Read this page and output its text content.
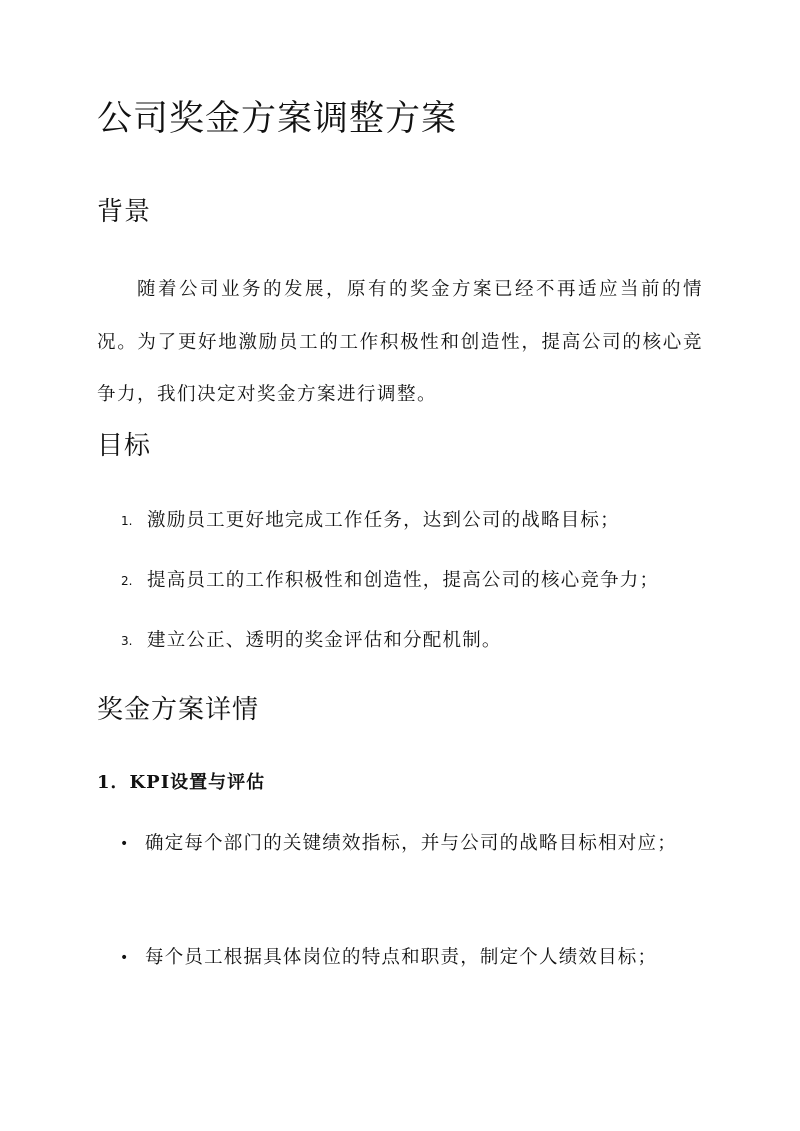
公司奖金方案调整方案
背景

随着公司业务的发展，原有的奖金方案已经不再适应当前的情况。为了更好地激励员工的工作积极性和创造性，提高公司的核心竞争力，我们决定对奖金方案进行调整。

目标
1. 激励员工更好地完成工作任务，达到公司的战略目标；
2. 提高员工的工作积极性和创造性，提高公司的核心竞争力；
3. 建立公正、透明的奖金评估和分配机制。
奖金方案详情
1．KPI设置与评估
• 确定每个部门的关键绩效指标，并与公司的战略目标相对应；
• 每个员工根据具体岗位的特点和职责，制定个人绩效目标；
